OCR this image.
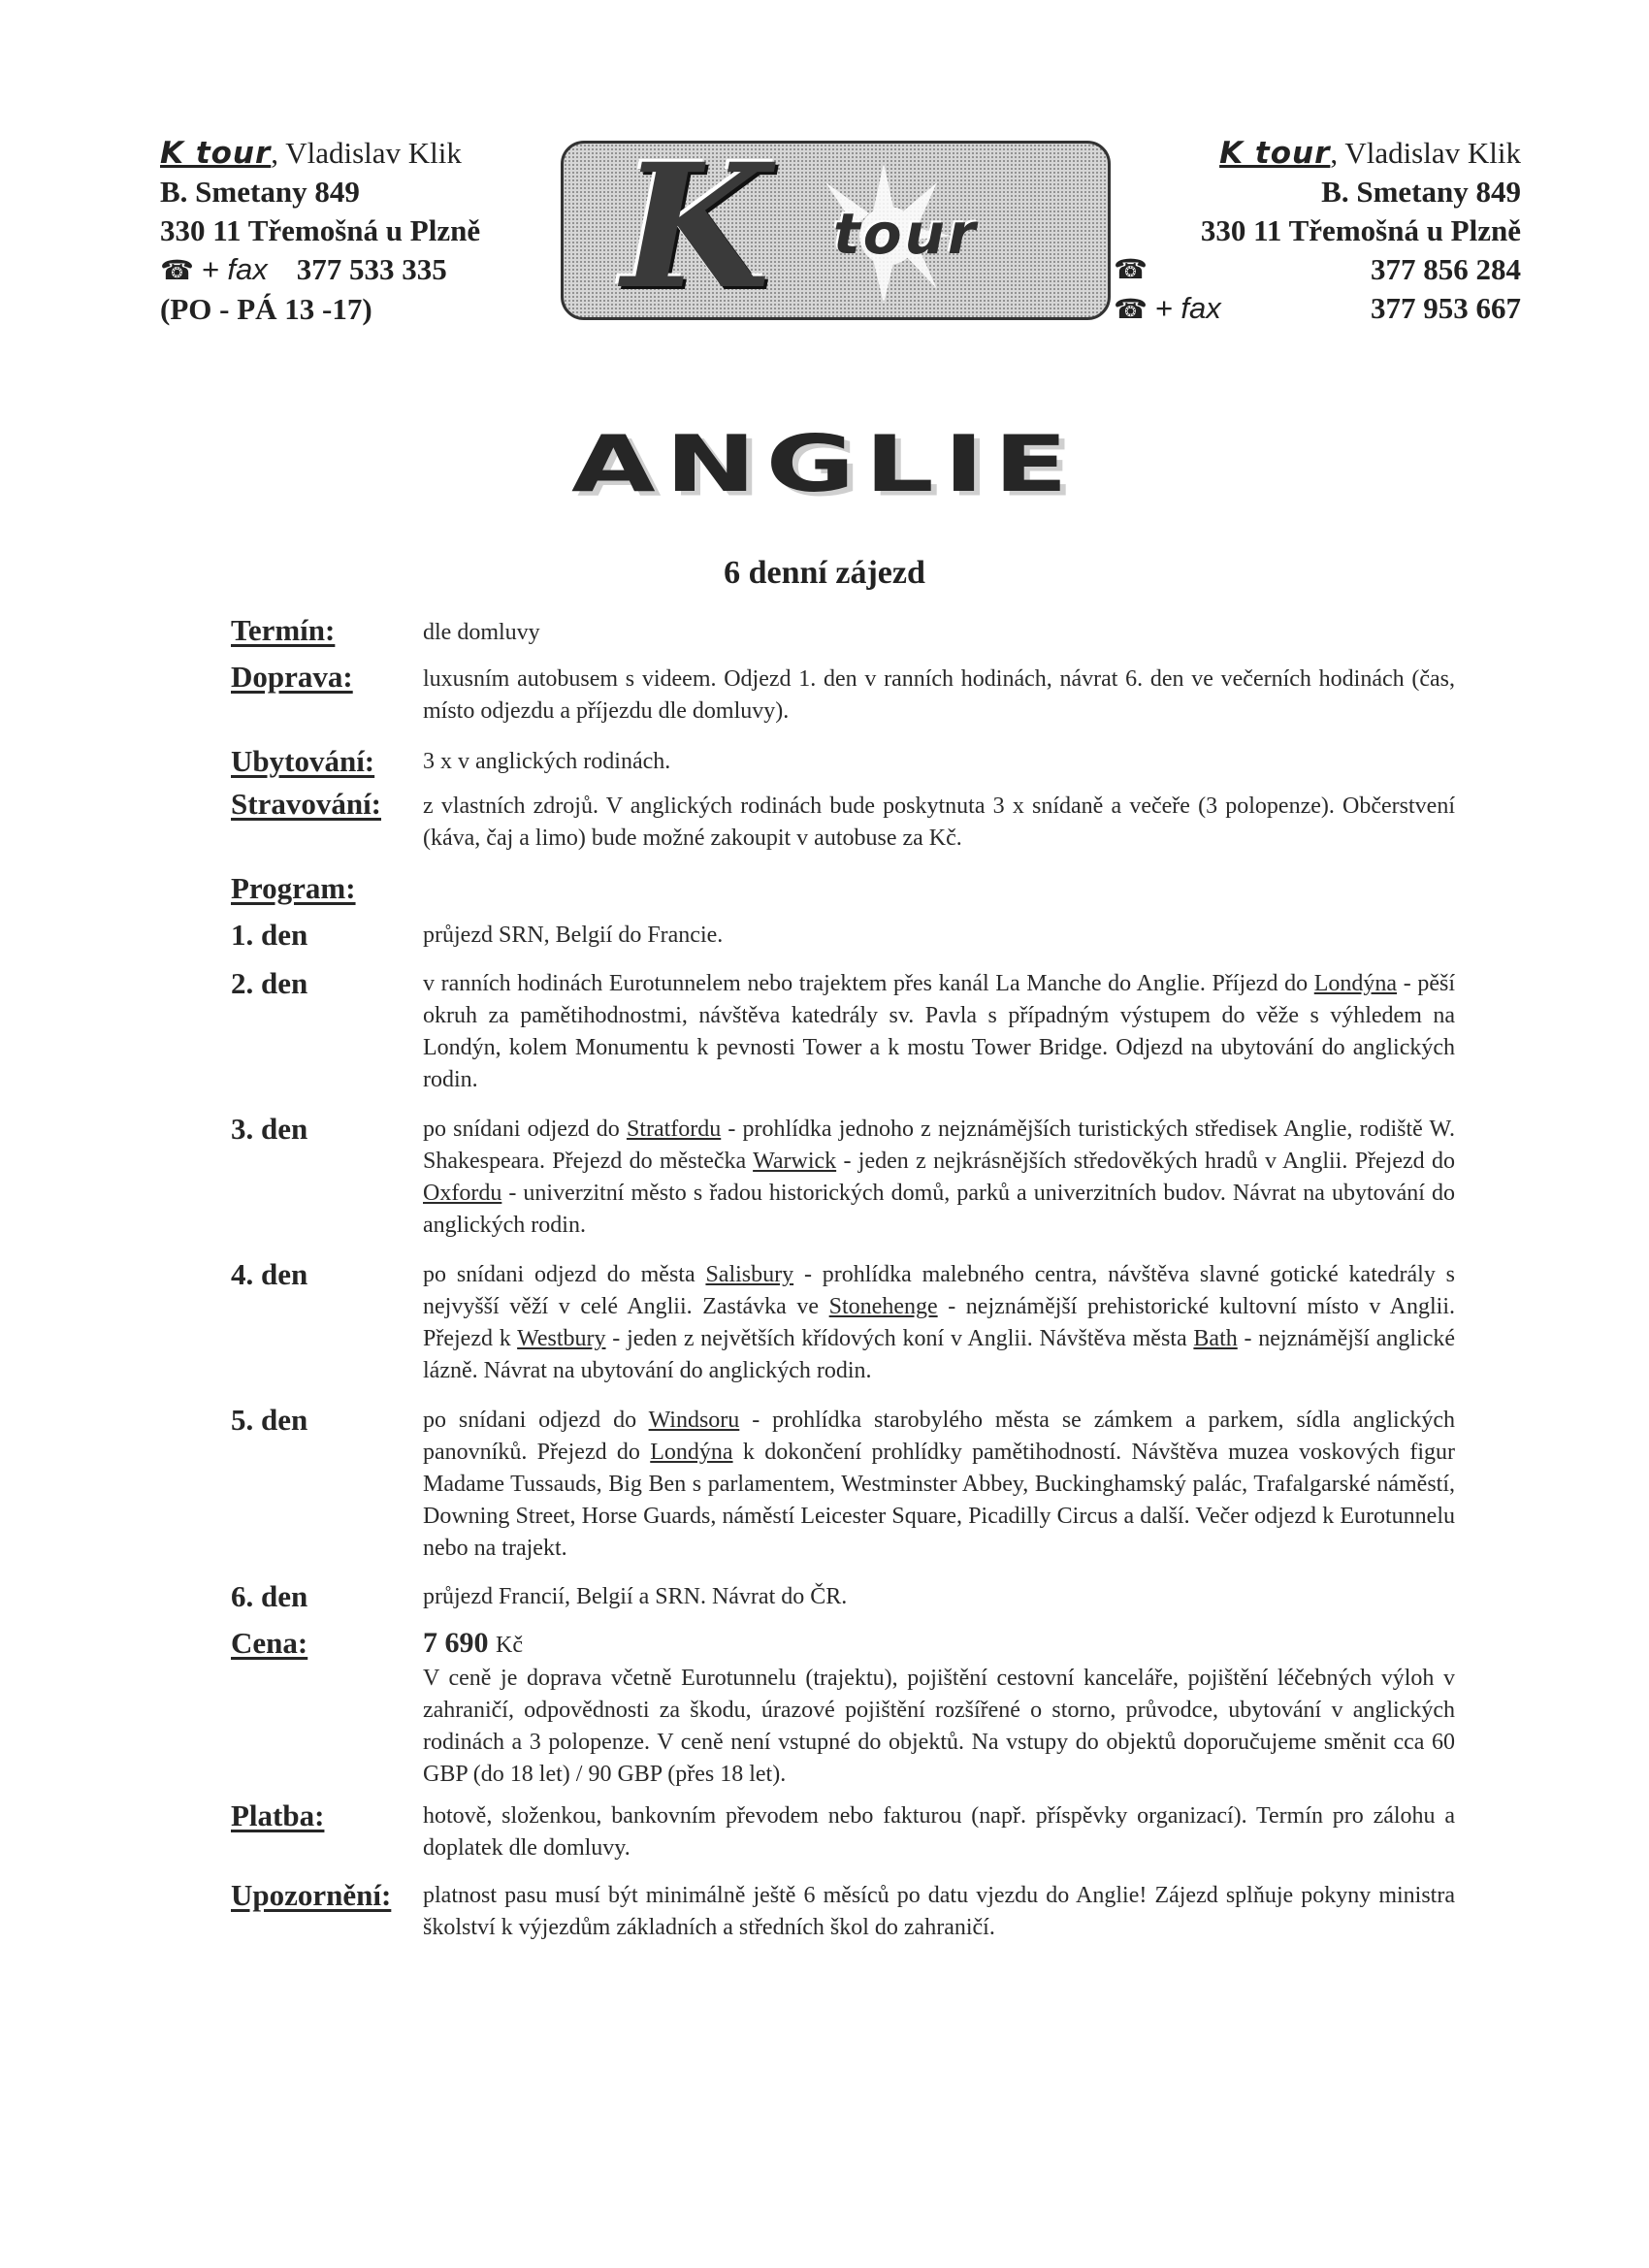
K tour, Vladislav Klik
B. Smetany 849
330 11 Třemošná u Plzně
☎ + fax 377 533 335
(PO - PÁ 13 -17)	K tour
K tour, Vladislav Klik
B. Smetany 849
330 11 Třemošná u Plzně
☎	377 856 284
☎ + fax	377 953 667
ANGLIE
6 denní zájezd
Termín:	dle domluvy
Doprava:	luxusním autobusem s videem. Odjezd 1. den v ranních hodinách, návrat 6. den ve večerních hodinách (čas, místo odjezdu a příjezdu dle domluvy).
Ubytování:	3 x v anglických rodinách.
Stravování:	z vlastních zdrojů. V anglických rodinách bude poskytnuta 3 x snídaně a večeře (3 polopenze). Občerstvení (káva, čaj a limo) bude možné zakoupit v autobuse za Kč.
Program:
1. den	průjezd SRN, Belgií do Francie.
2. den	v ranních hodinách Eurotunnelem nebo trajektem přes kanál La Manche do Anglie. Příjezd do Londýna - pěší okruh za pamětihodnostmi, návštěva katedrály sv. Pavla s případným výstupem do věže s výhledem na Londýn, kolem Monumentu k pevnosti Tower a k mostu Tower Bridge. Odjezd na ubytování do anglických rodin.
3. den	po snídani odjezd do Stratfordu - prohlídka jednoho z nejznámějších turistických středisek Anglie, rodiště W. Shakespeara. Přejezd do městečka Warwick - jeden z nejkrásnějších středověkých hradů v Anglii. Přejezd do Oxfordu - univerzitní město s řadou historických domů, parků a univerzitních budov. Návrat na ubytování do anglických rodin.
4. den	po snídani odjezd do města Salisbury - prohlídka malebného centra, návštěva slavné gotické katedrály s nejvyšší věží v celé Anglii. Zastávka ve Stonehenge - nejznámější prehistorické kultovní místo v Anglii. Přejezd k Westbury - jeden z největších křídových koní v Anglii. Návštěva města Bath - nejznámější anglické lázně. Návrat na ubytování do anglických rodin.
5. den	po snídani odjezd do Windsoru - prohlídka starobylého města se zámkem a parkem, sídla anglických panovníků. Přejezd do Londýna k dokončení prohlídky pamětihodností. Návštěva muzea voskových figur Madame Tussauds, Big Ben s parlamentem, Westminster Abbey, Buckinghamský palác, Trafalgarské náměstí, Downing Street, Horse Guards, náměstí Leicester Square, Picadilly Circus a další. Večer odjezd k Eurotunnelu nebo na trajekt.
6. den	průjezd Francií, Belgií a SRN. Návrat do ČR.
Cena:	7 690 Kč
V ceně je doprava včetně Eurotunnelu (trajektu), pojištění cestovní kanceláře, pojištění léčebných výloh v zahraničí, odpovědnosti za škodu, úrazové pojištění rozšířené o storno, průvodce, ubytování v anglických rodinách a 3 polopenze. V ceně není vstupné do objektů. Na vstupy do objektů doporučujeme směnit cca 60 GBP (do 18 let) / 90 GBP (přes 18 let).
Platba:	hotově, složenkou, bankovním převodem nebo fakturou (např. příspěvky organizací). Termín pro zálohu a doplatek dle domluvy.
Upozornění:	platnost pasu musí být minimálně ještě 6 měsíců po datu vjezdu do Anglie! Zájezd splňuje pokyny ministra školství k výjezdům základních a středních škol do zahraničí.
